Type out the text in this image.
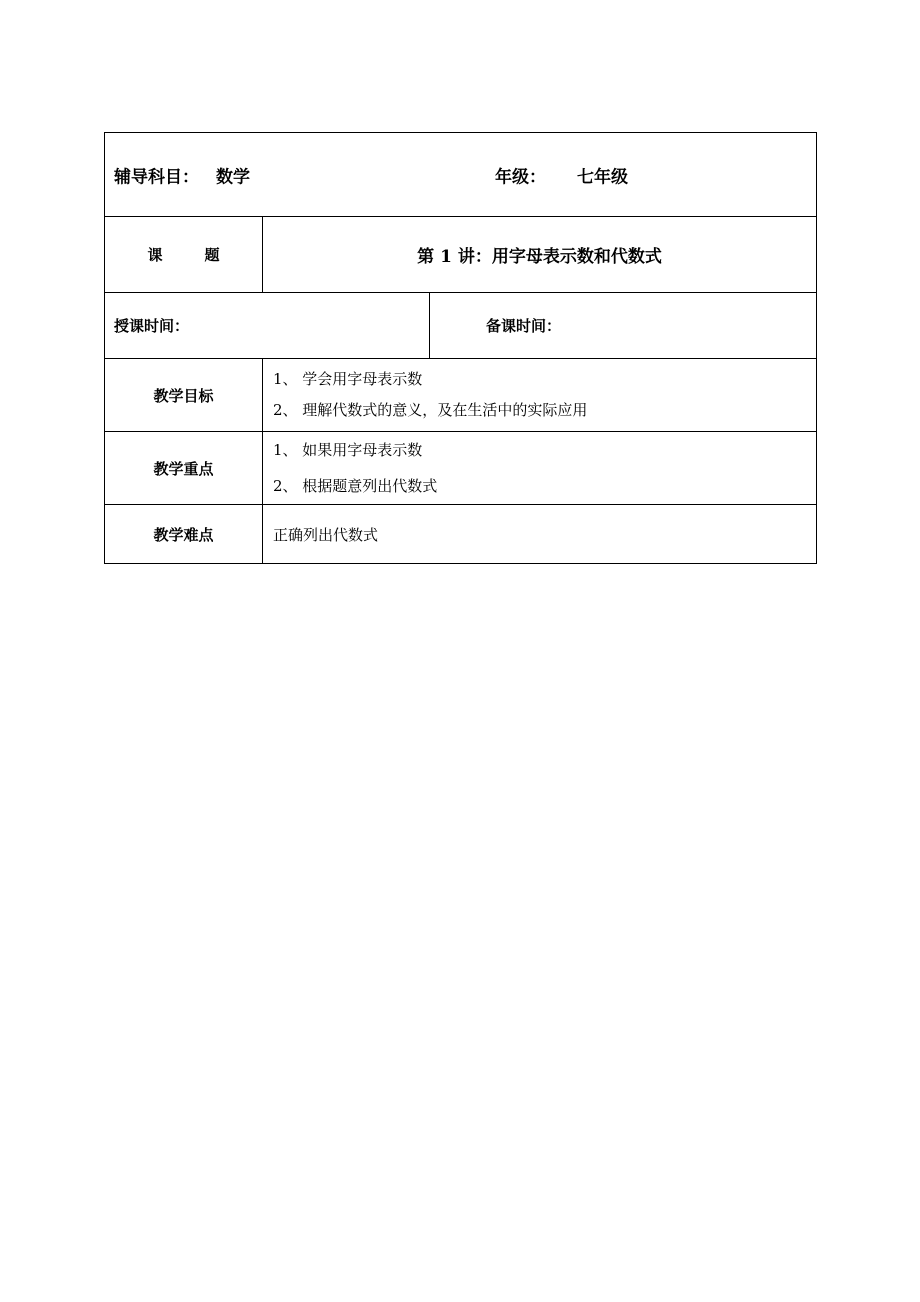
辅导科目： 数学 年级： 七年级		

课 题	第 1 讲：用字母表示数和代数式	
授课时间：		备课时间：
教学目标	1、 学会用字母表示数
2、 理解代数式的意义，及在生活中的实际应用	

教学重点	1、 如果用字母表示数
2、 根据题意列出代数式	

教学难点	正确列出代数式	
